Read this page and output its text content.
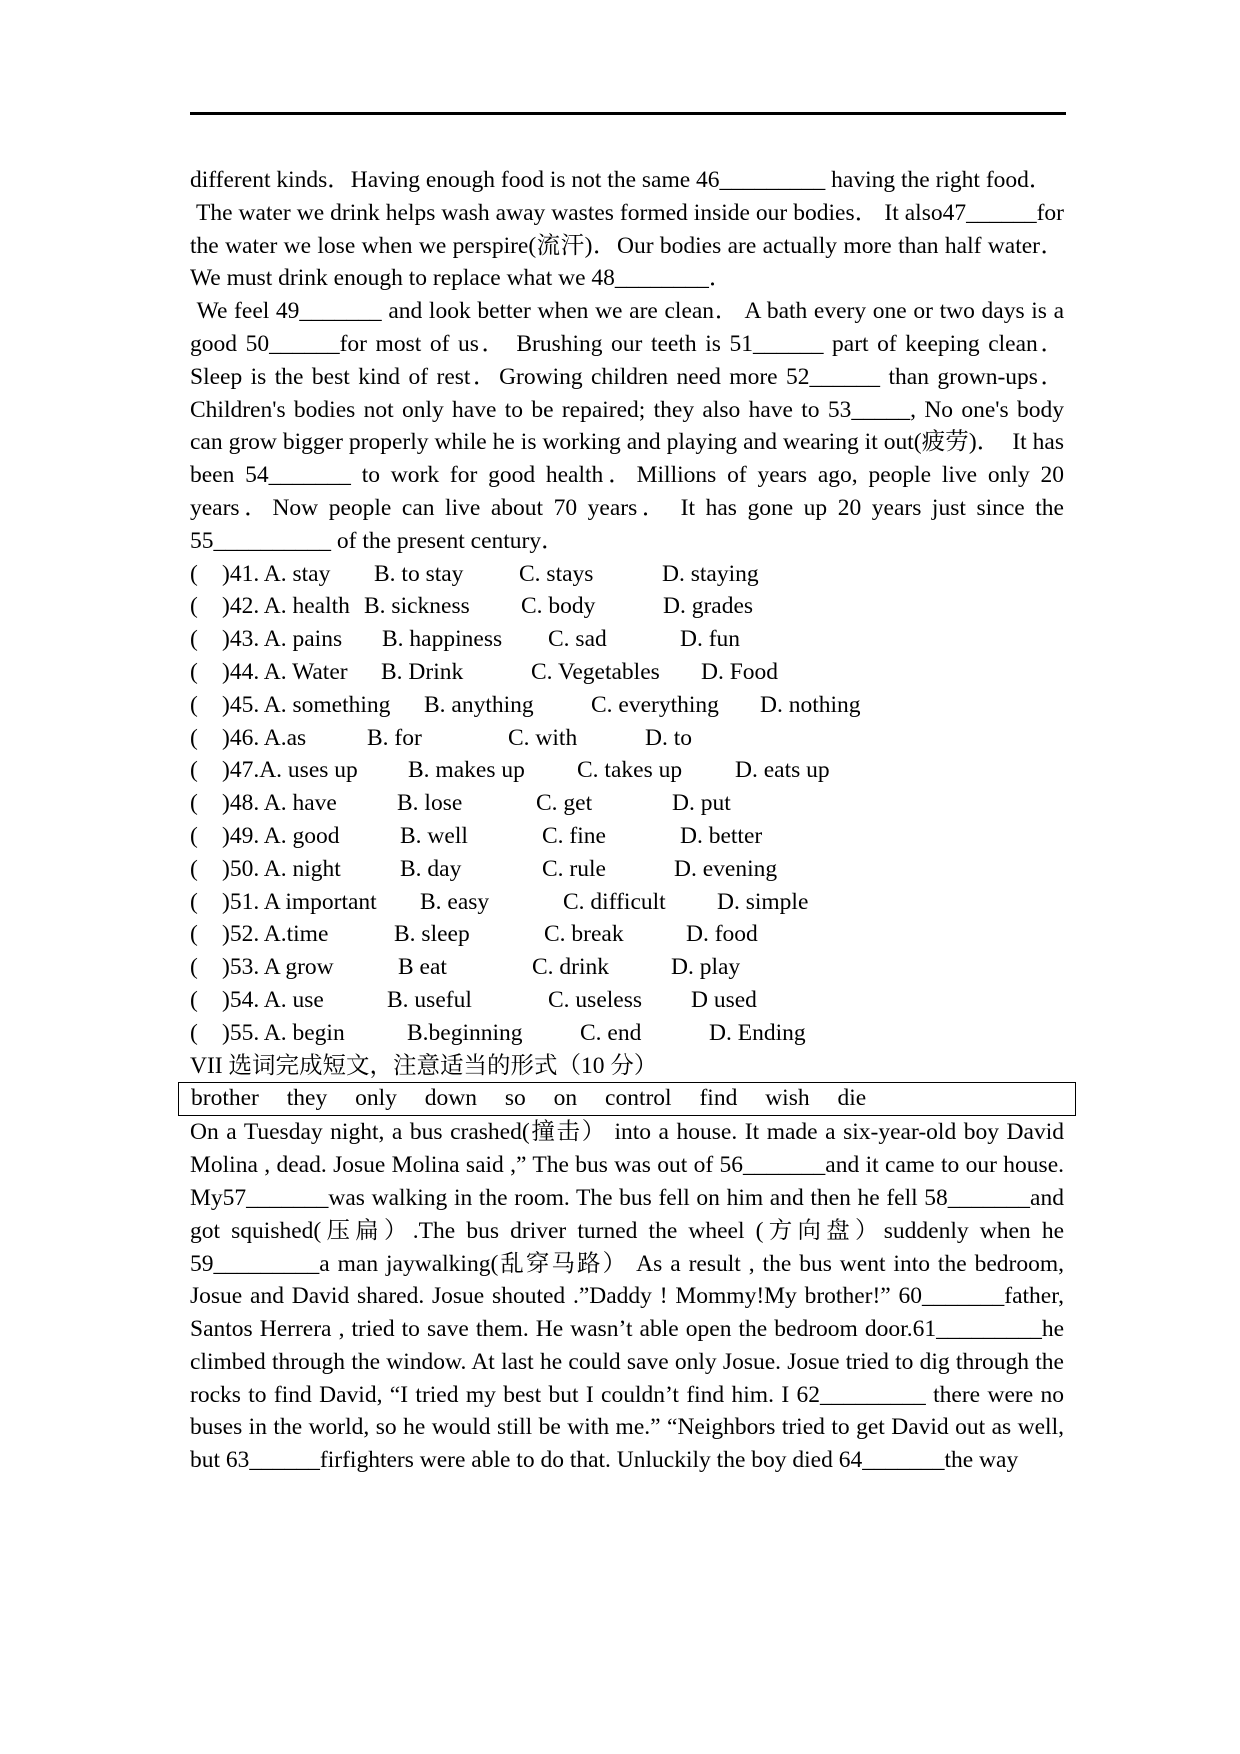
different kinds．Having enough food is not the same 46_________ having the right food．

The water we drink helps wash away wastes formed inside our bodies． It also47______for the water we lose when we perspire(流汗)．Our bodies are actually more than half water．We must drink enough to replace what we 48________．

We feel 49_______ and look better when we are clean． A bath every one or two days is a good 50______for most of us． Brushing our teeth is 51______ part of keeping clean．Sleep is the best kind of rest．Growing children need more 52______ than grown-ups． Children's bodies not only have to be repaired; they also have to 53_____, No one's body can grow bigger properly while he is working and playing and wearing it out(疲劳)．  It has been 54_______ to work for good health．Millions of years ago, people live only 20 years．Now people can live about 70 years． It has gone up 20 years just since the 55__________ of the present century．

(	)41. A. stay	B. to stay	C. stays	D. staying
(	)42. A. health B. sickness	C. body	D. grades
(	)43. A. pains	B. happiness	C. sad	D. fun
(	)44. A. Water	B. Drink	C. Vegetables	D. Food
(	)45. A. something	B. anything	C. everything	D. nothing
(	)46. A.as	B. for	C. with	D. to
(	)47.A. uses up	B. makes up	C. takes up	D. eats up
(	)48. A. have	B. lose	C. get	D. put
(	)49. A. good	B. well	C. fine	D. better
(	)50. A. night	B. day	C. rule	D. evening
(	)51. A important	B. easy	C. difficult	D. simple
(	)52. A.time	B. sleep	C. break	D. food
(	)53. A grow	B eat	C. drink	D. play
(	)54. A. use	B. useful	C. useless	D used
(	)55. A. begin	B.beginning	C. end	D. Ending
VII 选词完成短文，注意适当的形式（10 分）
brother they only down so on control find wish die

On a Tuesday night, a bus crashed(撞击） into a house. It made a six-year-old boy David Molina , dead. Josue Molina said ,” The bus was out of 56_______and it came to our house. My57_______was walking in the room. The bus fell on him and then he fell 58_______and got squished(压扁）.The bus driver turned the wheel (方向盘）suddenly when he 59_________a man jaywalking(乱穿马路） As a result , the bus went into the bedroom, Josue and David shared. Josue shouted .”Daddy ! Mommy!My brother!” 60_______father, Santos Herrera , tried to save them. He wasn’t able open the bedroom door.61_________he climbed through the window. At last he could save only Josue. Josue tried to dig through the rocks to find David, “I tried my best but I couldn’t find him. I 62_________ there were no buses in the world, so he would still be with me.” “Neighbors tried to get David out as well, but 63______firfighters were able to do that. Unluckily the boy died 64_______the way
